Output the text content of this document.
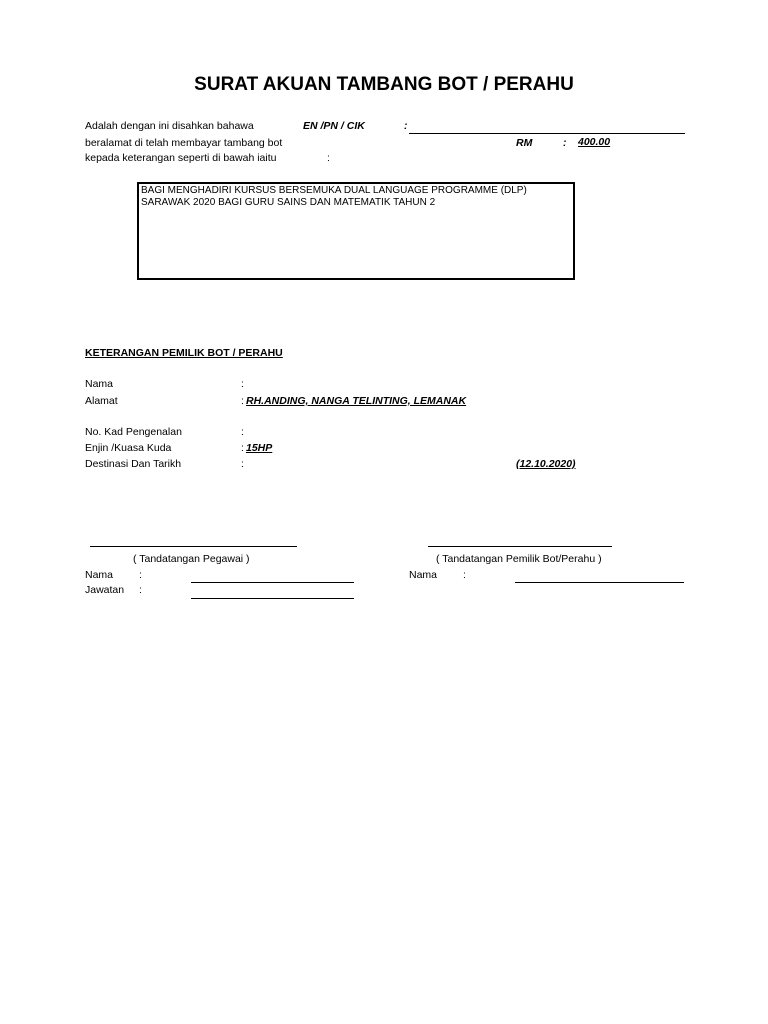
SURAT AKUAN TAMBANG BOT / PERAHU
Adalah dengan ini disahkan bahawa	EN /PN / CIK	:
beralamat di telah membayar tambang bot	RM	: 400.00
kepada keterangan seperti di bawah iaitu	:
BAGI MENGHADIRI KURSUS BERSEMUKA DUAL LANGUAGE PROGRAMME (DLP) SARAWAK 2020 BAGI GURU SAINS DAN MATEMATIK TAHUN 2
KETERANGAN PEMILIK BOT / PERAHU
Nama	:
Alamat	: RH.ANDING, NANGA TELINTING, LEMANAK
No. Kad Pengenalan	:
Enjin /Kuasa Kuda	: 15HP
Destinasi Dan Tarikh	:	(12.10.2020)
( Tandatangan Pegawai )	( Tandatangan Pemilik Bot/Perahu )
Nama :	Nama :
Jawatan :
